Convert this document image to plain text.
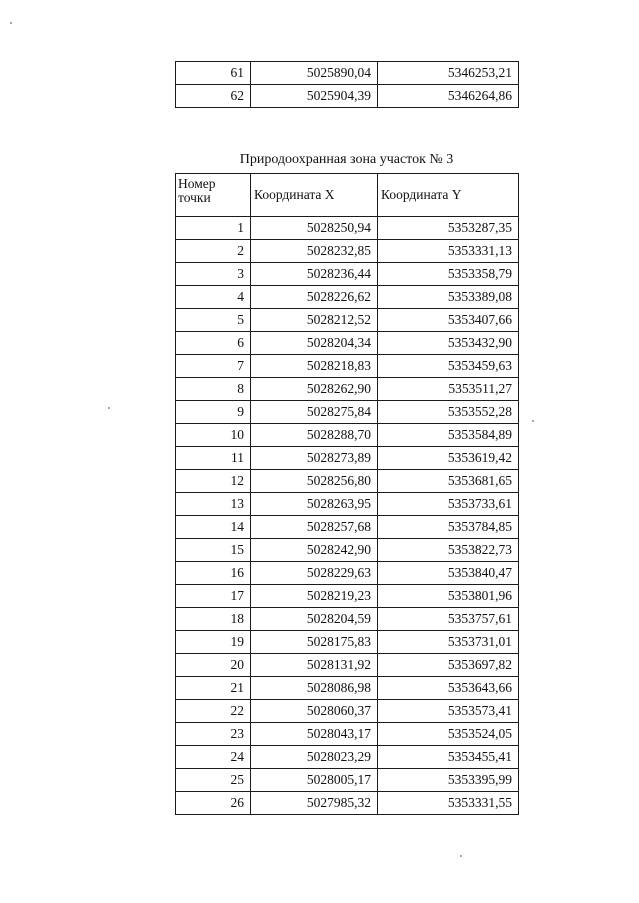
61	5025890,04	5346253,21
62	5025904,39	5346264,86
Природоохранная зона участок № 3
Номер
точки	Координата X	Координата Y
1	5028250,94	5353287,35
2	5028232,85	5353331,13
3	5028236,44	5353358,79
4	5028226,62	5353389,08
5	5028212,52	5353407,66
6	5028204,34	5353432,90
7	5028218,83	5353459,63
8	5028262,90	5353511,27
9	5028275,84	5353552,28
10	5028288,70	5353584,89
11	5028273,89	5353619,42
12	5028256,80	5353681,65
13	5028263,95	5353733,61
14	5028257,68	5353784,85
15	5028242,90	5353822,73
16	5028229,63	5353840,47
17	5028219,23	5353801,96
18	5028204,59	5353757,61
19	5028175,83	5353731,01
20	5028131,92	5353697,82
21	5028086,98	5353643,66
22	5028060,37	5353573,41
23	5028043,17	5353524,05
24	5028023,29	5353455,41
25	5028005,17	5353395,99
26	5027985,32	5353331,55
